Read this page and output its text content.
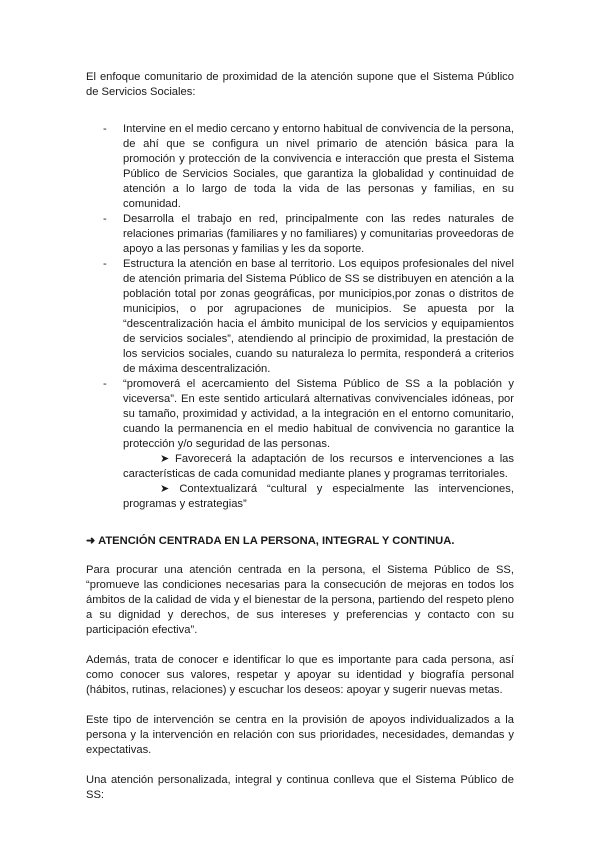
El enfoque comunitario de proximidad de la atención supone que el Sistema Público de Servicios Sociales:

- Intervine en el medio cercano y entorno habitual de convivencia de la persona, de ahí que se configura un nivel primario de atención básica para la promoción y protección de la convivencia e interacción que presta el Sistema Público de Servicios Sociales, que garantiza la globalidad y continuidad de atención a lo largo de toda la vida de las personas y familias, en su comunidad.
- Desarrolla el trabajo en red, principalmente con las redes naturales de relaciones primarias (familiares y no familiares) y comunitarias proveedoras de apoyo a las personas y familias y les da soporte.
- Estructura la atención en base al territorio. Los equipos profesionales del nivel de atención primaria del Sistema Público de SS se distribuyen en atención a la población total por zonas geográficas, por municipios,por zonas o distritos de municipios, o por agrupaciones de municipios. Se apuesta por la “descentralización hacia el ámbito municipal de los servicios y equipamientos de servicios sociales”, atendiendo al principio de proximidad, la prestación de los servicios sociales, cuando su naturaleza lo permita, responderá a criterios de máxima descentralización.
- “promoverá el acercamiento del Sistema Público de SS a la población y viceversa”. En este sentido articulará alternativas convivenciales idóneas, por su tamaño, proximidad y actividad, a la integración en el entorno comunitario, cuando la permanencia en el medio habitual de convivencia no garantice la protección y/o seguridad de las personas.

➤ Favorecerá la adaptación de los recursos e intervenciones a las características de cada comunidad mediante planes y programas territoriales.

➤ Contextualizará “cultural y especialmente las intervenciones, programas y estrategias”

➜ ATENCIÓN CENTRADA EN LA PERSONA, INTEGRAL Y CONTINUA.

Para procurar una atención centrada en la persona, el Sistema Público de SS, “promueve las condiciones necesarias para la consecución de mejoras en todos los ámbitos de la calidad de vida y el bienestar de la persona, partiendo del respeto pleno a su dignidad y derechos, de sus intereses y preferencias y contacto con su participación efectiva”.

Además, trata de conocer e identificar lo que es importante para cada persona, así como conocer sus valores, respetar y apoyar su identidad y biografía personal (hábitos, rutinas, relaciones) y escuchar los deseos: apoyar y sugerir nuevas metas.

Este tipo de intervención se centra en la provisión de apoyos individualizados a la persona y la intervención en relación con sus prioridades, necesidades, demandas y expectativas.

Una atención personalizada, integral y continua conlleva que el Sistema Público de SS:
